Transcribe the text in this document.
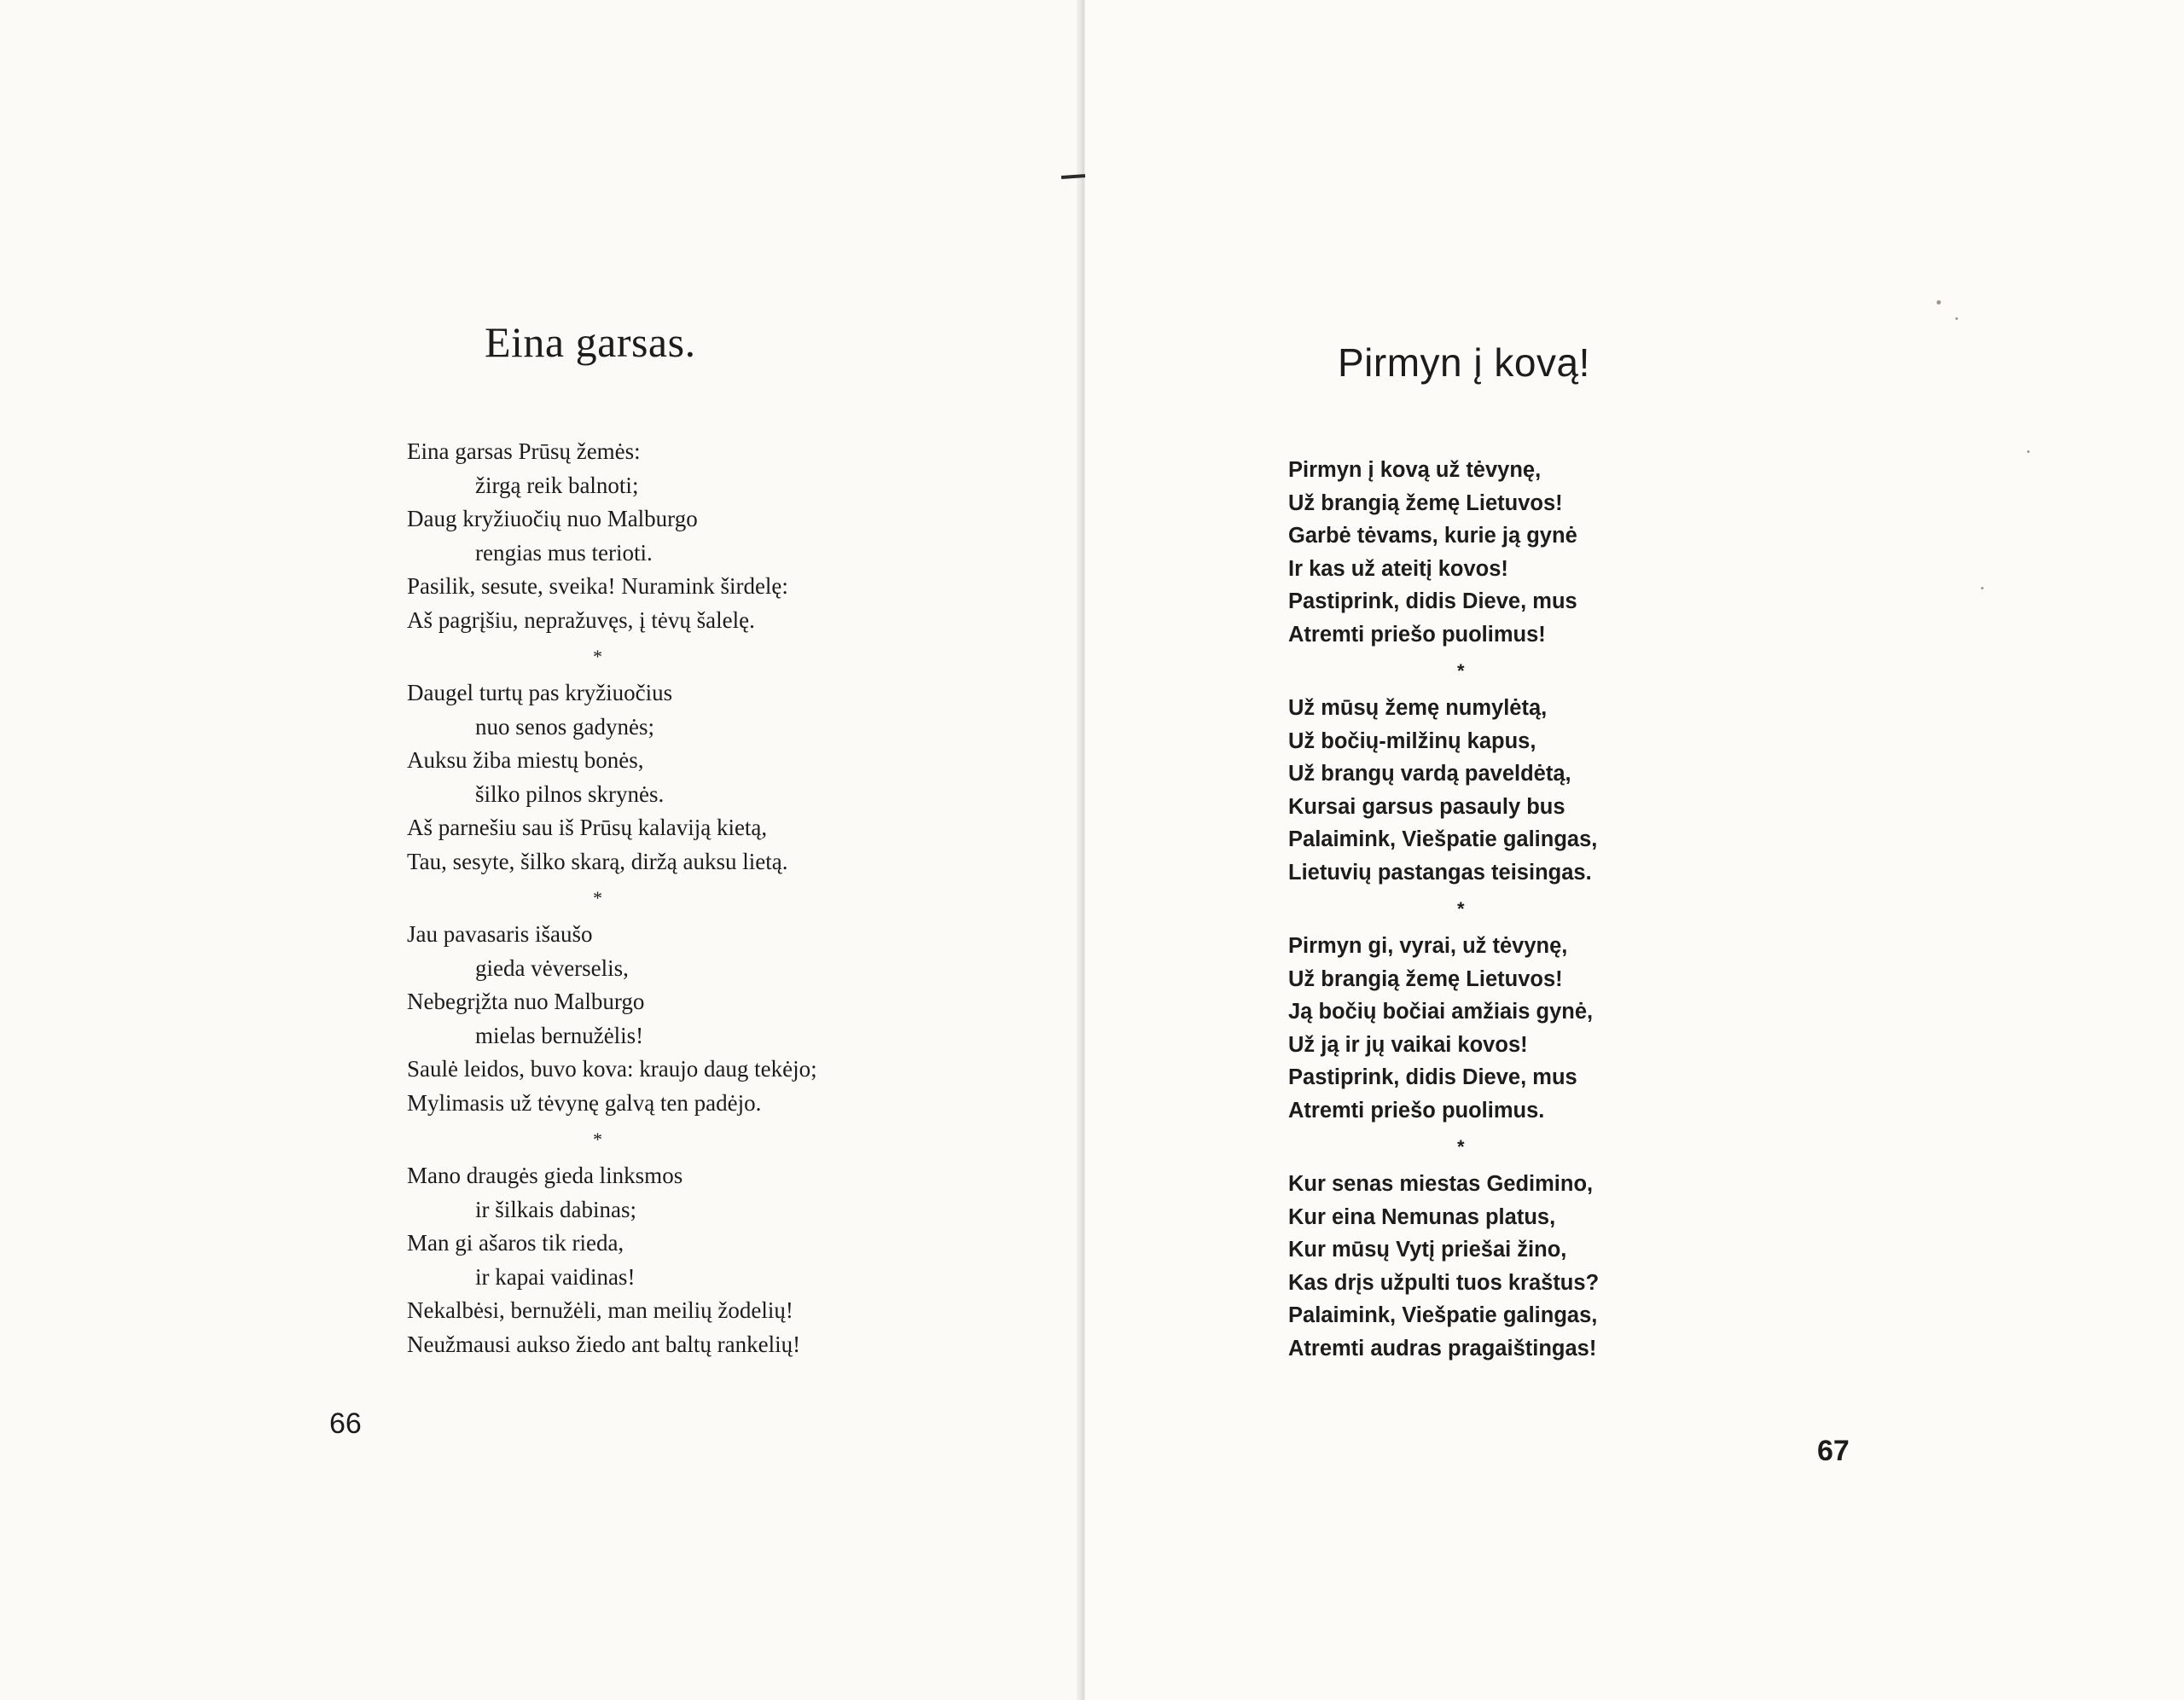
Eina garsas.
Eina garsas Prūsų žemės:
žirgą reik balnoti;
Daug kryžiuočių nuo Malburgo
rengias mus terioti.
Pasilik, sesute, sveika! Nuramink širdelę:
Aš pagrįšiu, nepražuvęs, į tėvų šalelę.
*
Daugel turtų pas kryžiuočius
nuo senos gadynės;
Auksu žiba miestų bonės,
šilko pilnos skrynės.
Aš parnešiu sau iš Prūsų kalaviją kietą,
Tau, sesyte, šilko skarą, diržą auksu lietą.
*
Jau pavasaris išaušo
gieda vėverselis,
Nebegrįžta nuo Malburgo
mielas bernužėlis!
Saulė leidos, buvo kova: kraujo daug tekėjo;
Mylimasis už tėvynę galvą ten padėjo.
*
Mano draugės gieda linksmos
ir šilkais dabinas;
Man gi ašaros tik rieda,
ir kapai vaidinas!
Nekalbėsi, bernužėli, man meilių žodelių!
Neužmausi aukso žiedo ant baltų rankelių!
66
Pirmyn į kovą!
Pirmyn į kovą už tėvynę,
Už brangią žemę Lietuvos!
Garbė tėvams, kurie ją gynė
Ir kas už ateitį kovos!
Pastiprink, didis Dieve, mus
Atremti priešo puolimus!
*
Už mūsų žemę numylėtą,
Už bočių-milžinų kapus,
Už brangų vardą paveldėtą,
Kursai garsus pasauly bus
Palaimink, Viešpatie galingas,
Lietuvių pastangas teisingas.
*
Pirmyn gi, vyrai, už tėvynę,
Už brangią žemę Lietuvos!
Ją bočių bočiai amžiais gynė,
Už ją ir jų vaikai kovos!
Pastiprink, didis Dieve, mus
Atremti priešo puolimus.
*
Kur senas miestas Gedimino,
Kur eina Nemunas platus,
Kur mūsų Vytį priešai žino,
Kas drįs užpulti tuos kraštus?
Palaimink, Viešpatie galingas,
Atremti audras pragaištingas!
67
